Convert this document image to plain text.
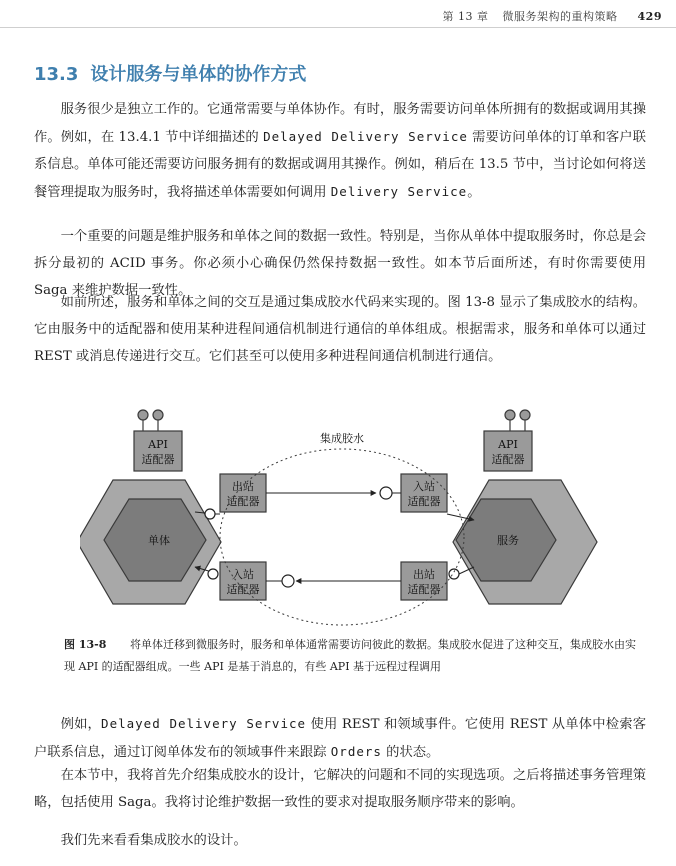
第 13 章 微服务架构的重构策略 429
13.3 设计服务与单体的协作方式

服务很少是独立工作的。它通常需要与单体协作。有时，服务需要访问单体所拥有的数据或调用其操作。例如，在 13.4.1 节中详细描述的 Delayed Delivery Service 需要访问单体的订单和客户联系信息。单体可能还需要访问服务拥有的数据或调用其操作。例如，稍后在 13.5 节中，当讨论如何将送餐管理提取为服务时，我将描述单体需要如何调用 Delivery Service。

一个重要的问题是维护服务和单体之间的数据一致性。特别是，当你从单体中提取服务时，你总是会拆分最初的 ACID 事务。你必须小心确保仍然保持数据一致性。如本节后面所述，有时你需要使用 Saga 来维护数据一致性。

如前所述，服务和单体之间的交互是通过集成胶水代码来实现的。图 13-8 显示了集成胶水的结构。它由服务中的适配器和使用某种进程间通信机制进行通信的单体组成。根据需求，服务和单体可以通过 REST 或消息传递进行交互。它们甚至可以使用多种进程间通信机制进行通信。

单体
API
适配器
出站
适配器
入站
适配器
服务
API
适配器
入站
适配器
出站
适配器
集成胶水
图 13-8 将单体迁移到微服务时，服务和单体通常需要访问彼此的数据。集成胶水促进了这种交互，集成胶水由实现 API 的适配器组成。一些 API 是基于消息的，有些 API 基于远程过程调用

例如，Delayed Delivery Service 使用 REST 和领域事件。它使用 REST 从单体中检索客户联系信息，通过订阅单体发布的领域事件来跟踪 Orders 的状态。

在本节中，我将首先介绍集成胶水的设计，它解决的问题和不同的实现选项。之后将描述事务管理策略，包括使用 Saga。我将讨论维护数据一致性的要求对提取服务顺序带来的影响。

我们先来看看集成胶水的设计。
